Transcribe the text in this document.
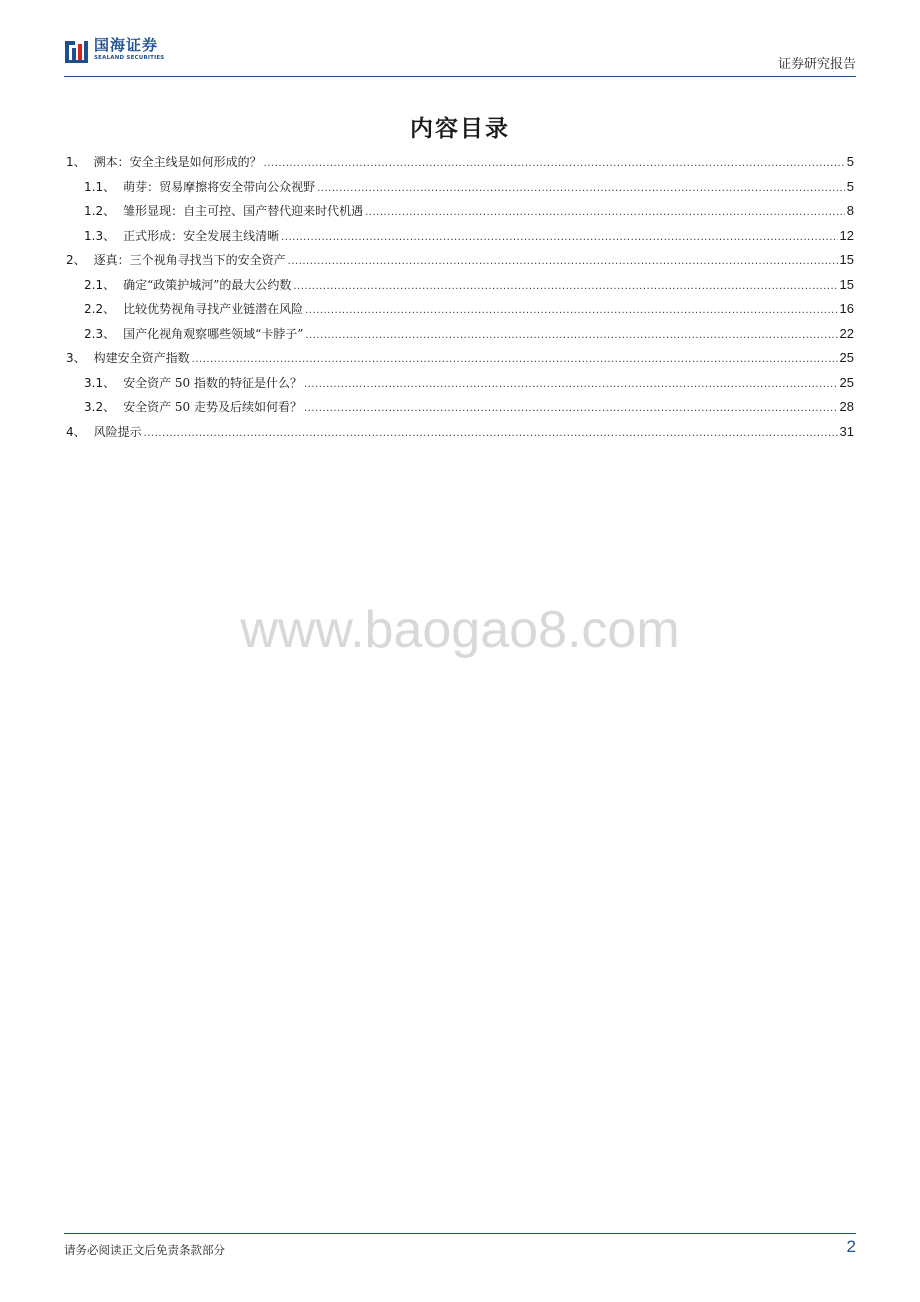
国海证券
SEALAND SECURITIES	证券研究报告
内容目录
1、 溯本：安全主线是如何形成的？ .....	5
1.1、 萌芽：贸易摩擦将安全带向公众视野 .....	5
1.2、 雏形显现：自主可控、国产替代迎来时代机遇 .....	8
1.3、 正式形成：安全发展主线清晰 .....	12
2、 逐真：三个视角寻找当下的安全资产 .....	15
2.1、 确定“政策护城河”的最大公约数 .....	15
2.2、 比较优势视角寻找产业链潜在风险 .....	16
2.3、 国产化视角观察哪些领域“卡脖子” .....	22
3、 构建安全资产指数 .....	25
3.1、 安全资产 50 指数的特征是什么？ .....	25
3.2、 安全资产 50 走势及后续如何看？ .....	28
4、 风险提示 .....	31
www.baogao8.com
请务必阅读正文后免责条款部分	2
